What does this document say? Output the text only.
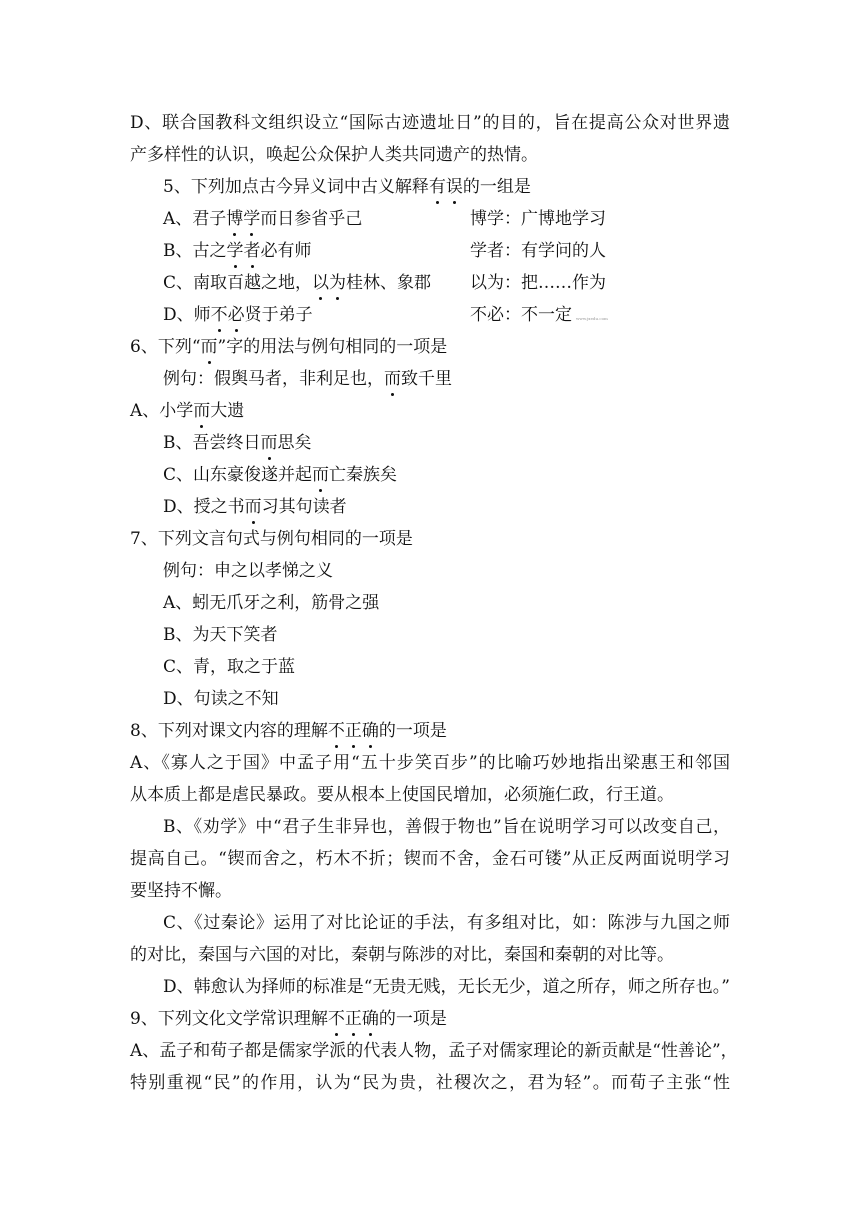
D、联合国教科文组织设立“国际古迹遗址日”的目的，旨在提高公众对世界遗
产多样性的认识，唤起公众保护人类共同遗产的热情。
5、下列加点古今异义词中古义解释有误的一组是
A、君子博学而日参省乎己	博学：广博地学习
B、古之学者必有师	学者：有学问的人
C、南取百越之地，以为桂林、象郡 以为：把……作为
D、师不必贤于弟子	不必：不一定 www.jxedu.com
6、下列“而”字的用法与例句相同的一项是
例句：假舆马者，非利足也，而致千里
A、小学而大遗
B、吾尝终日而思矣
C、山东豪俊遂并起而亡秦族矣
D、授之书而习其句读者
7、下列文言句式与例句相同的一项是
例句：申之以孝悌之义
A、蚓无爪牙之利，筋骨之强
B、为天下笑者
C、青，取之于蓝
D、句读之不知
8、下列对课文内容的理解不正确的一项是
A、《寡人之于国》中孟子用“五十步笑百步”的比喻巧妙地指出梁惠王和邻国
从本质上都是虐民暴政。要从根本上使国民增加，必须施仁政，行王道。
B、《劝学》中“君子生非异也，善假于物也”旨在说明学习可以改变自己，
提高自己。“锲而舍之，朽木不折；锲而不舍，金石可镂”从正反两面说明学习
要坚持不懈。
C、《过秦论》运用了对比论证的手法，有多组对比，如：陈涉与九国之师
的对比，秦国与六国的对比，秦朝与陈涉的对比，秦国和秦朝的对比等。
D、韩愈认为择师的标准是“无贵无贱，无长无少，道之所存，师之所存也。”
9、下列文化文学常识理解不正确的一项是
A、孟子和荀子都是儒家学派的代表人物，孟子对儒家理论的新贡献是“性善论”，
特别重视“民”的作用，认为“民为贵，社稷次之，君为轻”。而荀子主张“性
